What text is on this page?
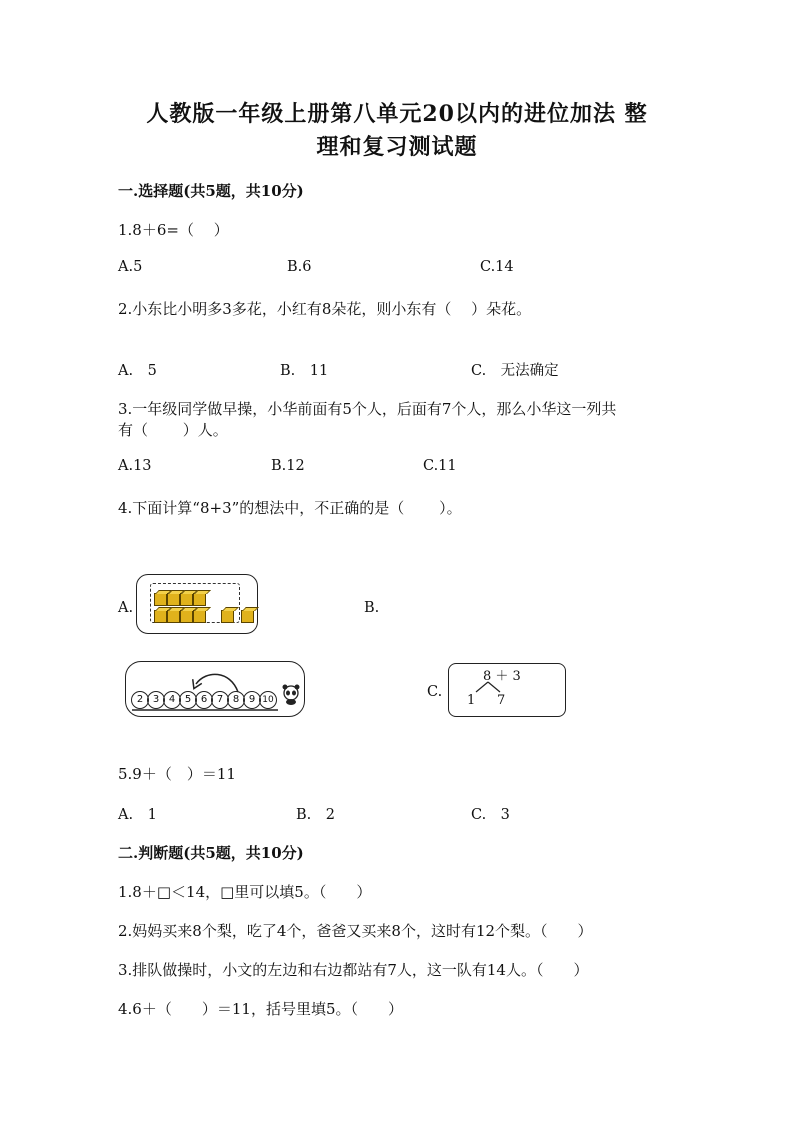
人教版一年级上册第八单元20以内的进位加法 整
理和复习测试题
一.选择题(共5题，共10分)
1.8＋6=（　 ）
A.5	B.6	C.14
2.小东比小明多3多花，小红有8朵花，则小东有（　 ）朵花。
A.　5	B.　11	C.　无法确定
3.一年级同学做早操，小华前面有5个人，后面有7个人，那么小华这一列共
有（　　 ）人。
A.13	B.12	C.11
4.下面计算“8+3”的想法中，不正确的是（　　 ）。
A.	B.
2 3 4 5 6 7 8 9 10	C.
8 ＋ 3
1 7
5.9＋（　）＝11
A.　1	B.　2	C.　3
二.判断题(共5题，共10分)
1.8＋□＜14，□里可以填5。（　　）
2.妈妈买来8个梨，吃了4个，爸爸又买来8个，这时有12个梨。（　　）
3.排队做操时，小文的左边和右边都站有7人，这一队有14人。（　　）
4.6＋（　　）＝11，括号里填5。（　　）
